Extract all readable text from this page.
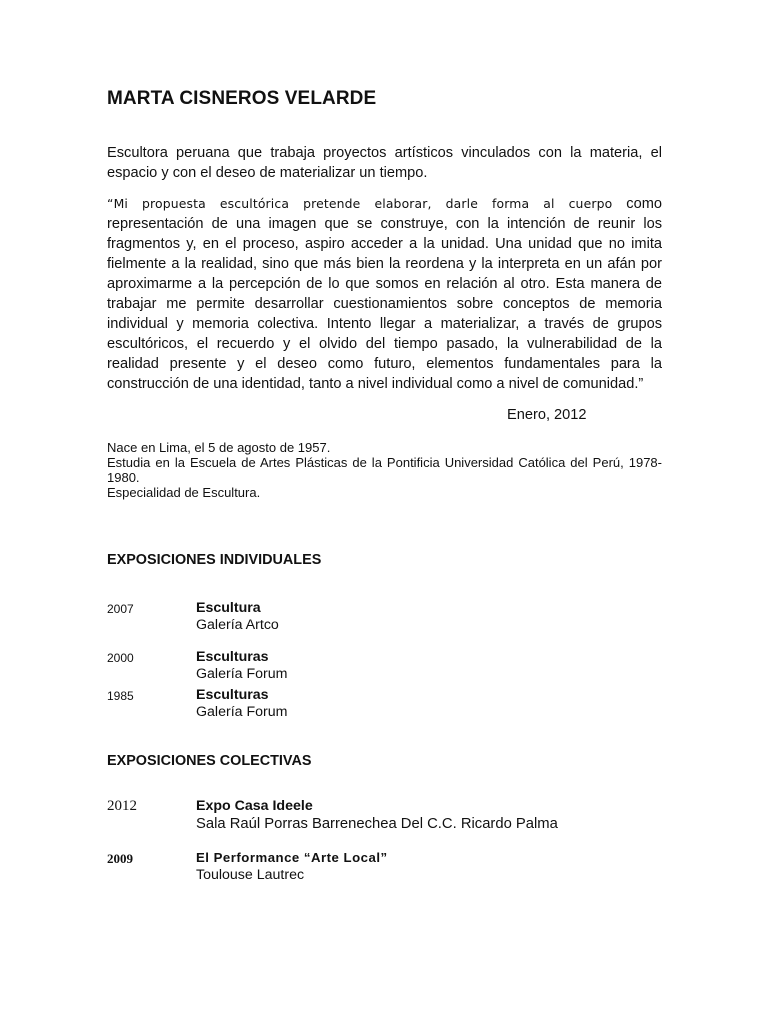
MARTA CISNEROS VELARDE
Escultora peruana que trabaja proyectos artísticos vinculados con la materia, el espacio y con el deseo de materializar un tiempo.
“Mi propuesta escultórica pretende elaborar, darle forma al cuerpo como representación de una imagen que se construye, con la intención de reunir los fragmentos y, en el proceso, aspiro acceder a la unidad. Una unidad que no imita fielmente a la realidad, sino que más bien la reordena y la interpreta en un afán por aproximarme a la percepción de lo que somos en relación al otro. Esta manera de trabajar me permite desarrollar cuestionamientos sobre conceptos de memoria individual y memoria colectiva. Intento llegar a materializar, a través de grupos escultóricos, el recuerdo y el olvido del tiempo pasado, la vulnerabilidad de la realidad presente y el deseo como futuro, elementos fundamentales para la construcción de una identidad, tanto a nivel individual como a nivel de comunidad.”
Enero, 2012
Nace en Lima, el 5 de agosto de 1957.
Estudia en la Escuela de Artes Plásticas de la Pontificia Universidad Católica del Perú, 1978-1980.
Especialidad de Escultura.
EXPOSICIONES INDIVIDUALES
2007	Escultura
Galería Artco
2000	Esculturas
Galería Forum
1985	Esculturas
Galería Forum
EXPOSICIONES COLECTIVAS
2012	Expo Casa Ideele
Sala Raúl Porras Barrenechea Del C.C. Ricardo Palma
2009	El Performance “Arte Local”
Toulouse Lautrec
